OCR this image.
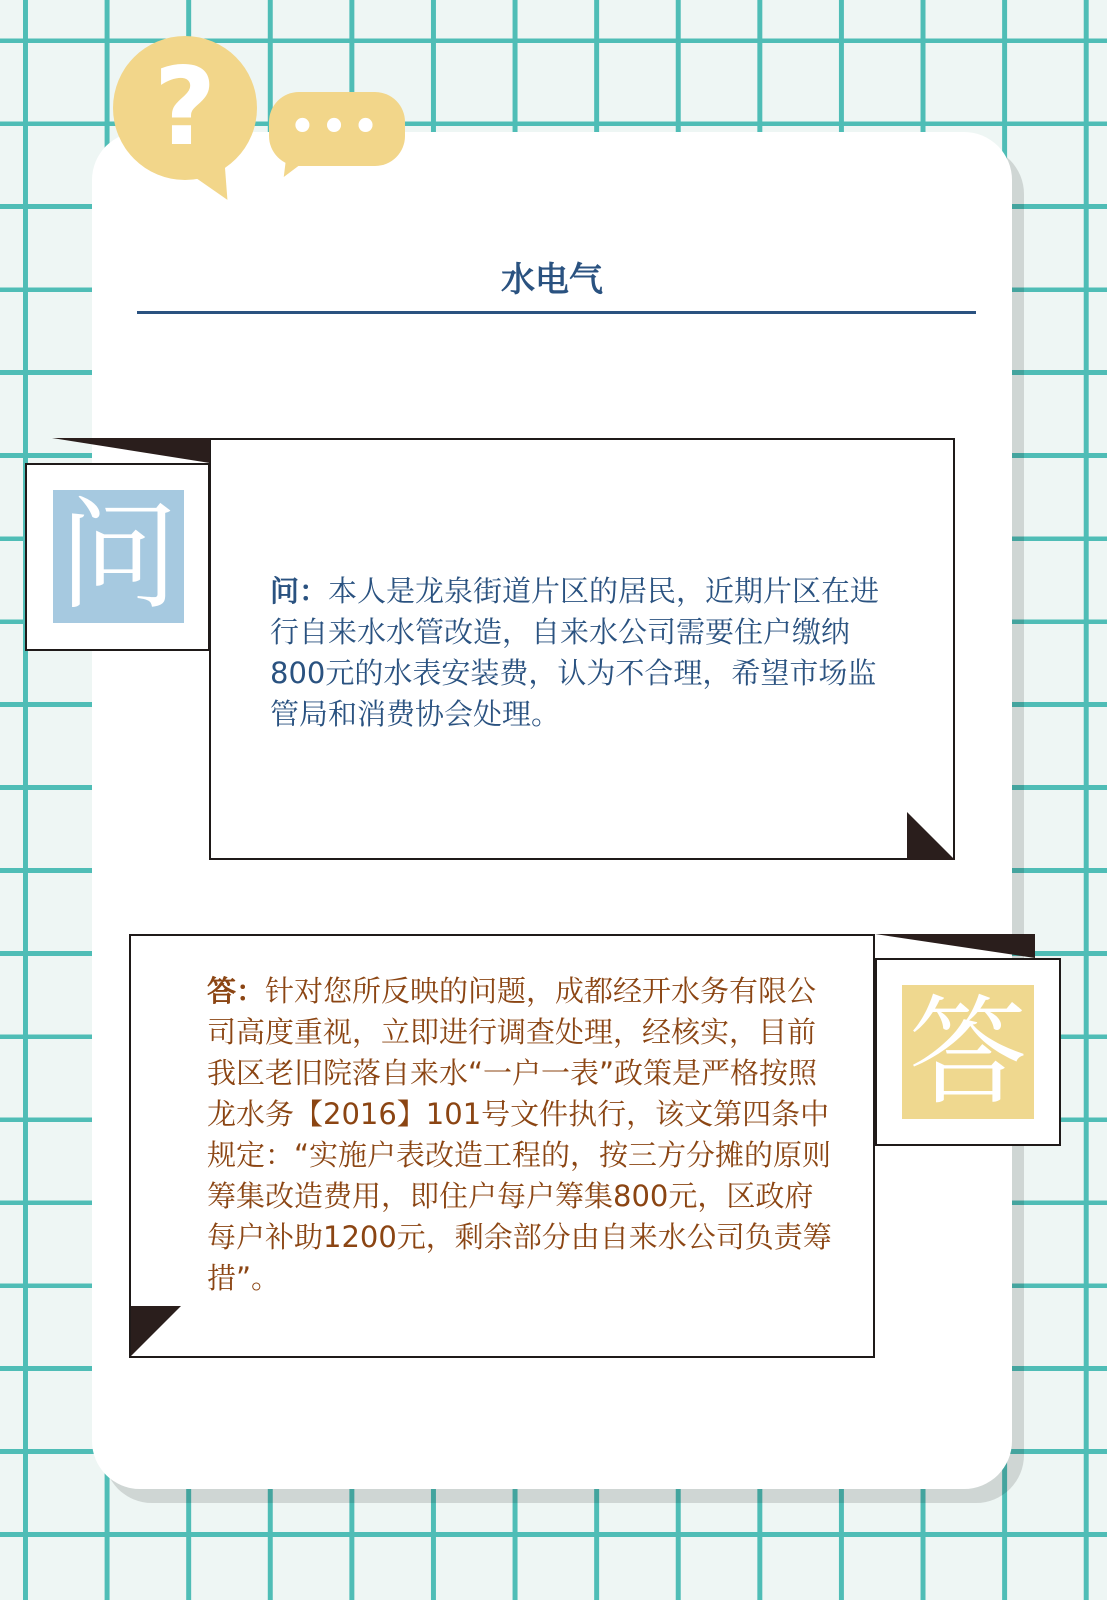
?	•••
水电气
问	问：本人是龙泉街道片区的居民，近期片区在进行自来水水管改造，自来水公司需要住户缴纳800元的水表安装费，认为不合理，希望市场监管局和消费协会处理。
答
答：针对您所反映的问题，成都经开水务有限公司高度重视，立即进行调查处理，经核实，目前我区老旧院落自来水“一户一表”政策是严格按照龙水务【2016】101号文件执行，该文第四条中规定：“实施户表改造工程的，按三方分摊的原则筹集改造费用，即住户每户筹集800元，区政府每户补助1200元，剩余部分由自来水公司负责筹措”。
